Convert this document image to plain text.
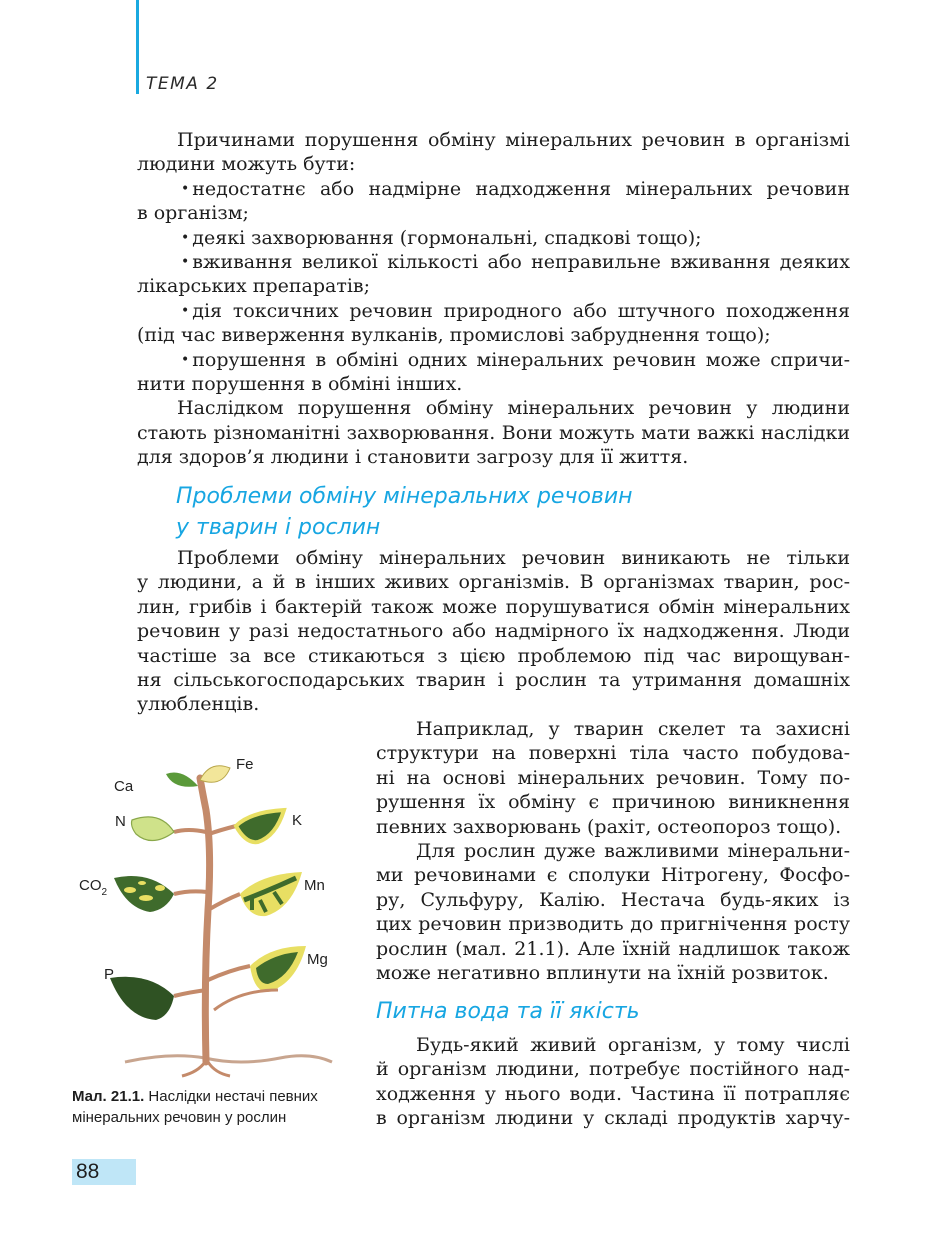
ТЕМА 2

Причинами порушення обміну мінеральних речовин в організмі

людини можуть бути:

• недостатнє або надмірне надходження мінеральних речовин

в організм;

• деякі захворювання (гормональні, спадкові тощо);

• вживання великої кількості або неправильне вживання деяких

лікарських препаратів;

• дія токсичних речовин природного або штучного походження

(під час виверження вулканів, промислові забруднення тощо);

• порушення в обміні одних мінеральних речовин може спричи-

нити порушення в обміні інших.

Наслідком порушення обміну мінеральних речовин у людини

стають різноманітні захворювання. Вони можуть мати важкі наслідки

для здоров’я людини і становити загрозу для її життя.

Проблеми обміну мінеральних речовин
у тварин і рослин

Проблеми обміну мінеральних речовин виникають не тільки

у людини, а й в інших живих організмів. В організмах тварин, рос-

лин, грибів і бактерій також може порушуватися обмін мінеральних

речовин у разі недостатнього або надмірного їх надходження. Люди

частіше за все стикаються з цією проблемою під час вирощуван-

ня сільськогосподарських тварин і рослин та утримання домашніх

улюбленців.

Наприклад, у тварин скелет та захисні

структури на поверхні тіла часто побудова-

ні на основі мінеральних речовин. Тому по-

рушення їх обміну є причиною виникнення

певних захворювань (рахіт, остеопороз тощо).

Для рослин дуже важливими мінеральни-

ми речовинами є сполуки Нітрогену, Фосфо-

ру, Сульфуру, Калію. Нестача будь-яких із

цих речовин призводить до пригнічення росту

рослин (мал. 21.1). Але їхній надлишок також

може негативно вплинути на їхній розвиток.

Питна вода та її якість

Будь-який живий організм, у тому числі

й організм людини, потребує постійного над-

ходження у нього води. Частина її потрапляє

в організм людини у складі продуктів харчу-

Fe
Ca
N	K
$CO_2$	Mn
P
Mg
Мал. 21.1. Наслідки нестачі певних
мінеральних речовин у рослин
88
